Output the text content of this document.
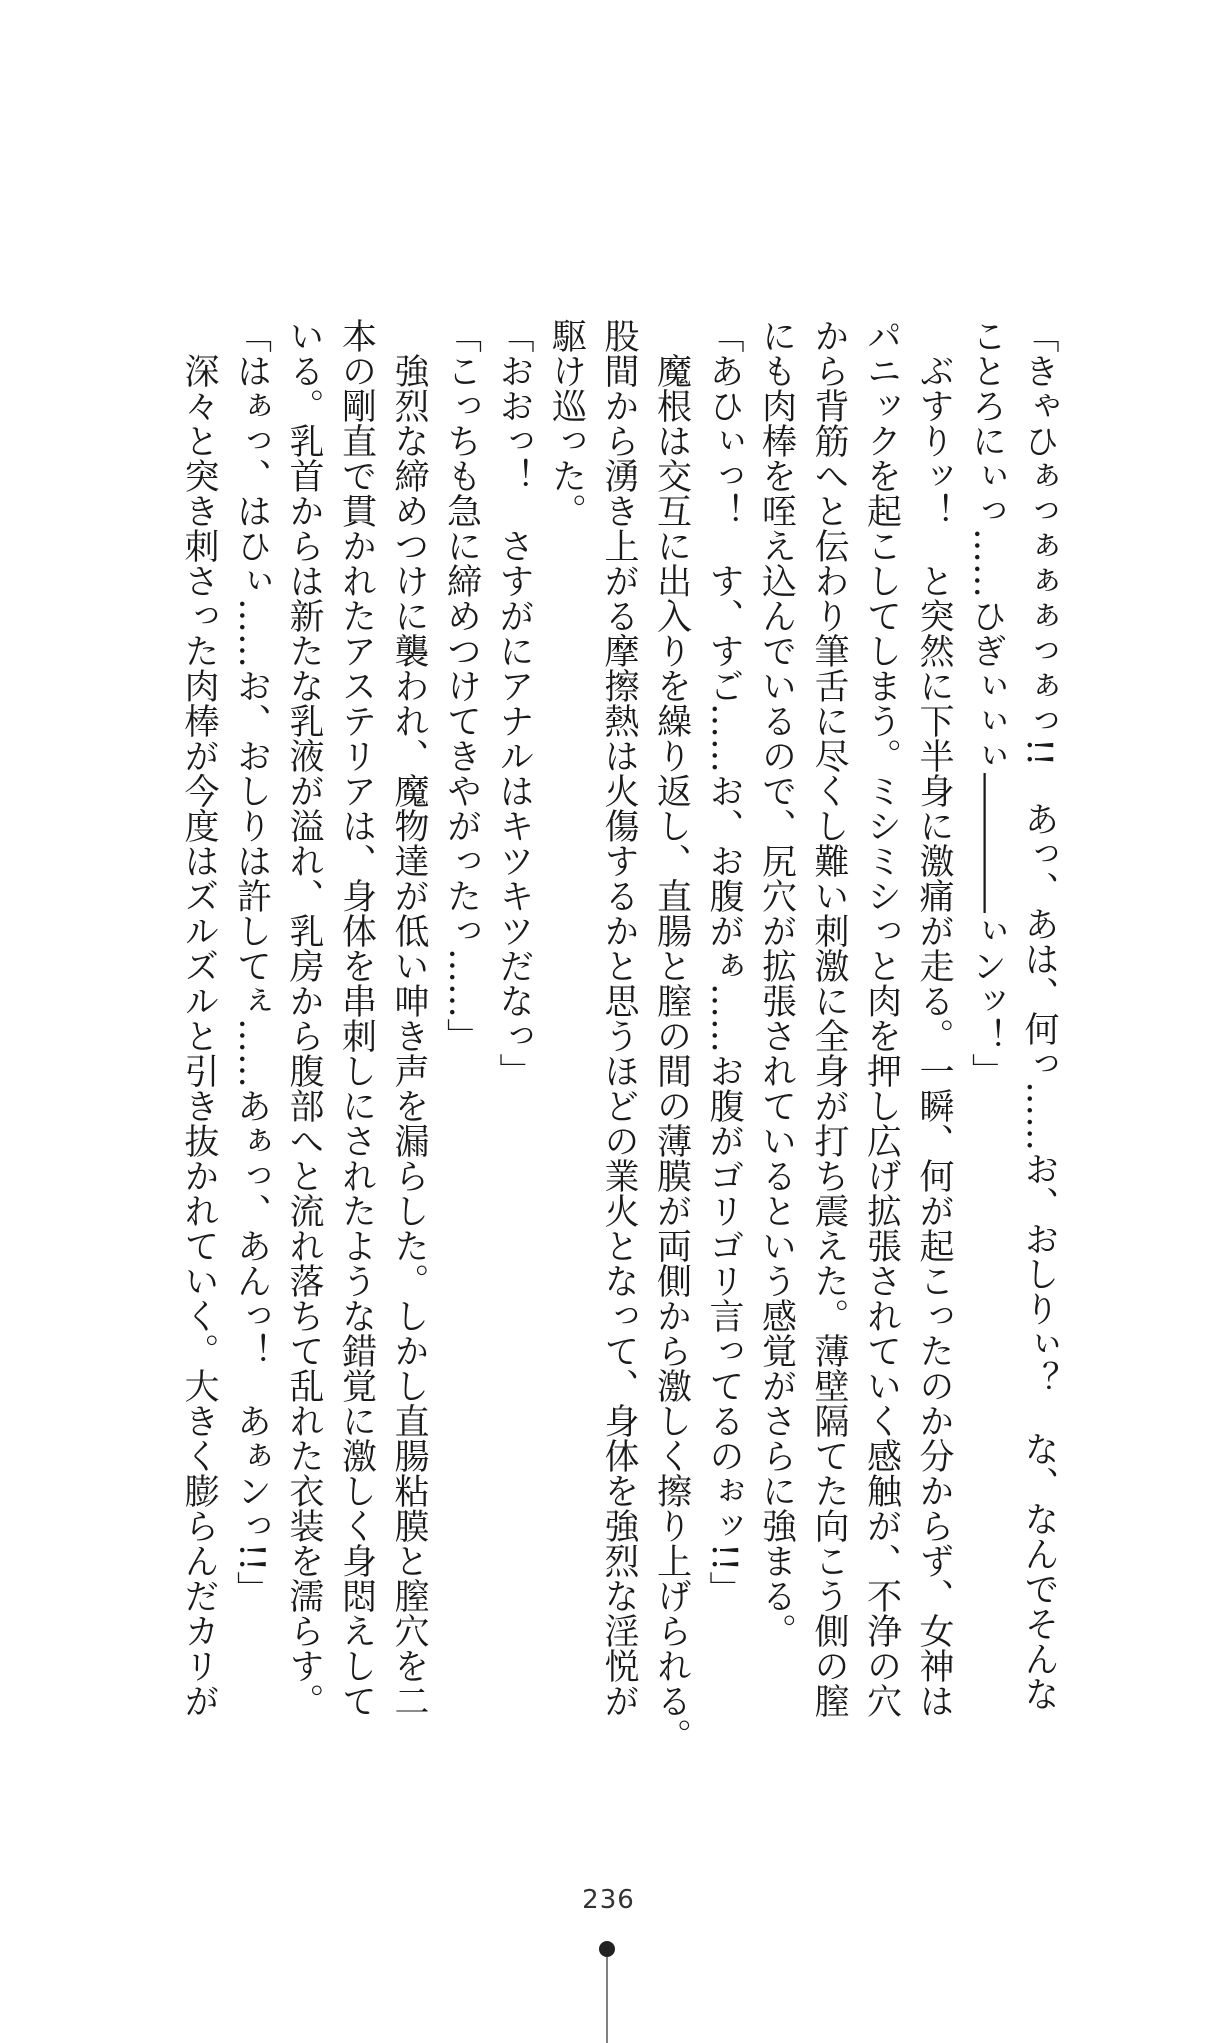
「きゃひぁっぁぁぁっぁっ!!　あっ、あは、何っ……お、おしりぃ？　な、なんでそんな
ことろにぃっ……ひぎぃぃぃ――――ぃンッ！」
　ぶすりッ！　と突然に下半身に激痛が走る。一瞬、何が起こったのか分からず、女神は
パニックを起こしてしまう。ミシミシっと肉を押し広げ拡張されていく感触が、不浄の穴
から背筋へと伝わり筆舌に尽くし難い刺激に全身が打ち震えた。薄壁隔てた向こう側の膣
にも肉棒を咥え込んでいるので、尻穴が拡張されているという感覚がさらに強まる。
「あひぃっ！　す、すご……お、お腹がぁ……お腹がゴリゴリ言ってるのぉッ!!」
　魔根は交互に出入りを繰り返し、直腸と膣の間の薄膜が両側から激しく擦り上げられる。
股間から湧き上がる摩擦熱は火傷するかと思うほどの業火となって、身体を強烈な淫悦が
駆け巡った。
「おおっ！　さすがにアナルはキツキツだなっ」
「こっちも急に締めつけてきやがったっ……」
　強烈な締めつけに襲われ、魔物達が低い呻き声を漏らした。しかし直腸粘膜と膣穴を二
本の剛直で貫かれたアステリアは、身体を串刺しにされたような錯覚に激しく身悶えして
いる。乳首からは新たな乳液が溢れ、乳房から腹部へと流れ落ちて乱れた衣装を濡らす。
「はぁっ、はひぃ……お、おしりは許してぇ……あぁっ、あんっ！　あぁンっ!!」
　深々と突き刺さった肉棒が今度はズルズルと引き抜かれていく。大きく膨らんだカリが
236
